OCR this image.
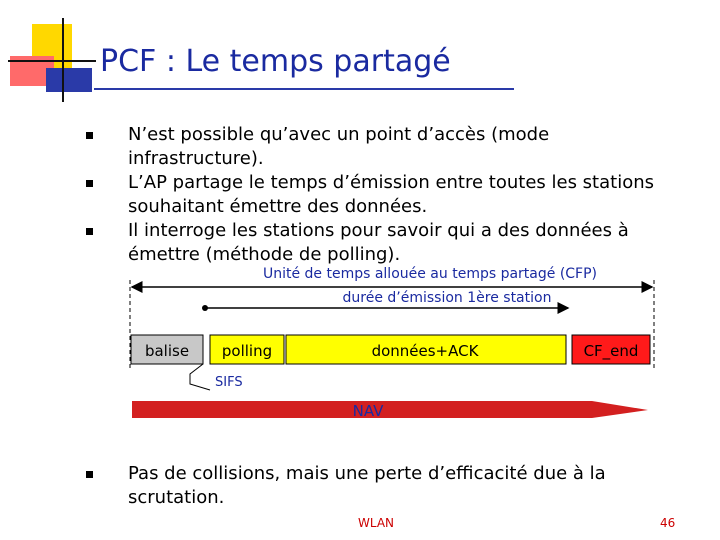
PCF : Le temps partagé
N’est possible qu’avec un point d’accès (mode infrastructure).
L’AP partage le temps d’émission entre toutes les stations souhaitant émettre des données.
Il interroge les stations pour savoir qui a des données à émettre (méthode de polling).
Unité de temps allouée au temps partagé (CFP)
durée d’émission 1ère station
balise polling	données+ACK	CF_end
SIFS
NAV
Pas de collisions, mais une perte d’efficacité due à la scrutation.
WLAN	46
